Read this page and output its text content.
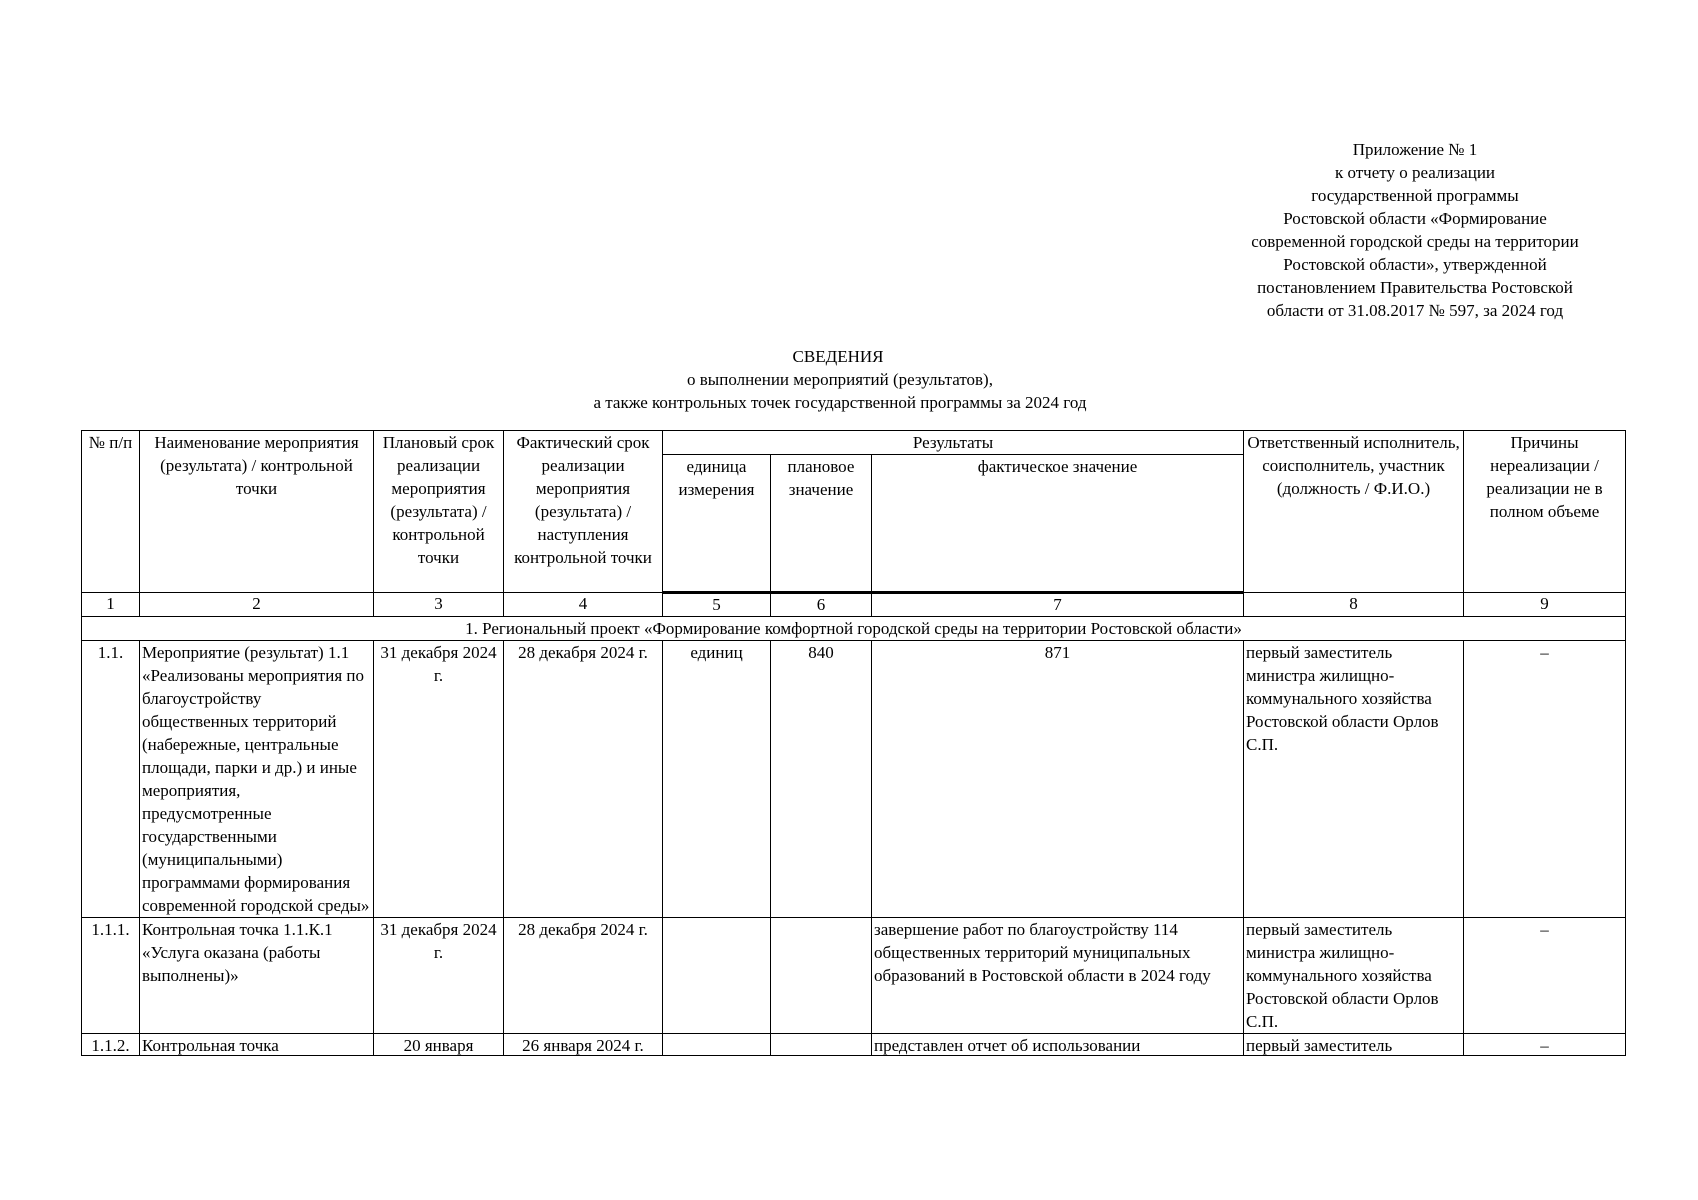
Приложение № 1
к отчету о реализации
государственной программы
Ростовской области «Формирование
современной городской среды на территории
Ростовской области», утвержденной
постановлением Правительства Ростовской
области от 31.08.2017 № 597, за 2024 год
СВЕДЕНИЯ
о выполнении мероприятий (результатов),
а также контрольных точек государственной программы за 2024 год
№ п/п	Наименование мероприятия (результата) / контрольной точки	Плановый срок реализации мероприятия (результата) / контрольной точки	Фактический срок реализации мероприятия (результата) / наступления контрольной точки	Результаты			Ответственный исполнитель, соисполнитель, участник (должность / Ф.И.О.)	Причины нереализации / реализации не в полном объеме
				единица измерения	плановое значение	фактическое значение		
1	2	3	4	5	6	7	8	9
1. Региональный проект «Формирование комфортной городской среды на территории Ростовской области»								
1.1.	Мероприятие (результат) 1.1 «Реализованы мероприятия по благоустройству общественных территорий (набережные, центральные площади, парки и др.) и иные мероприятия, предусмотренные государственными (муниципальными) программами формирования современной городской среды»	31 декабря 2024 г.	28 декабря 2024 г.	единиц	840	871	первый заместитель министра жилищно-коммунального хозяйства Ростовской области Орлов С.П.	–
1.1.1.	Контрольная точка 1.1.К.1 «Услуга оказана (работы выполнены)»	31 декабря 2024 г.	28 декабря 2024 г.			завершение работ по благоустройству 114 общественных территорий муниципальных образований в Ростовской области в 2024 году	первый заместитель министра жилищно-коммунального хозяйства Ростовской области Орлов С.П.	–

1.1.2.	Контрольная точка	20 января	26 января 2024 г.			представлен отчет об использовании	первый заместитель	–
